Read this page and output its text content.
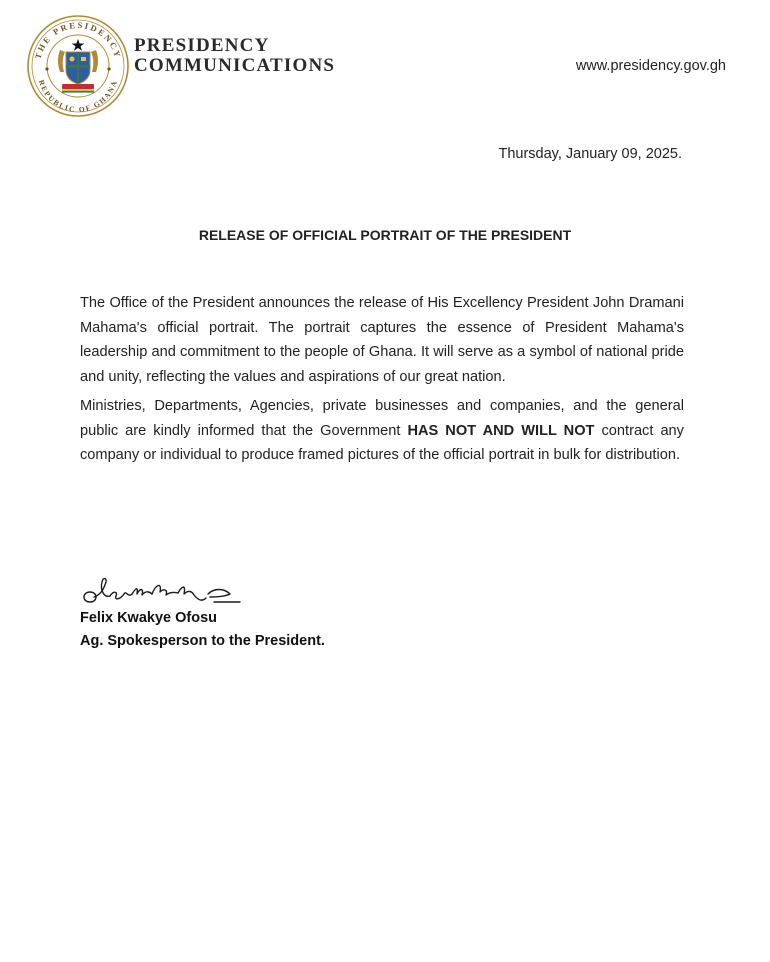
THE PRESIDENCY
REPUBLIC OF GHANA
PRESIDENCY
COMMUNICATIONS	www.presidency.gov.gh
Thursday, January 09, 2025.
RELEASE OF OFFICIAL PORTRAIT OF THE PRESIDENT

The Office of the President announces the release of His Excellency President John Dramani Mahama's official portrait. The portrait captures the essence of President Mahama's leadership and commitment to the people of Ghana. It will serve as a symbol of national pride and unity, reflecting the values and aspirations of our great nation.

Ministries, Departments, Agencies, private businesses and companies, and the general public are kindly informed that the Government HAS NOT AND WILL NOT contract any company or individual to produce framed pictures of the official portrait in bulk for distribution.

Felix Kwakye Ofosu
Ag. Spokesperson to the President.
